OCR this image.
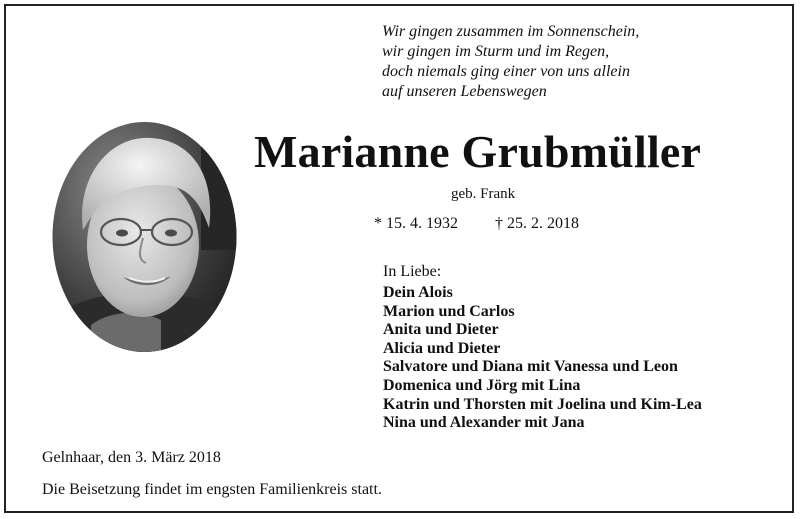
Wir gingen zusammen im Sonnenschein,
wir gingen im Sturm und im Regen,
doch niemals ging einer von uns allein
auf unseren Lebenswegen
Marianne Grubmüller
geb. Frank
* 15. 4. 1932 † 25. 2. 2018
In Liebe:
Dein Alois
Marion und Carlos
Anita und Dieter
Alicia und Dieter
Salvatore und Diana mit Vanessa und Leon
Domenica und Jörg mit Lina
Katrin und Thorsten mit Joelina und Kim-Lea
Nina und Alexander mit Jana
Gelnhaar, den 3. März 2018
Die Beisetzung findet im engsten Familienkreis statt.
